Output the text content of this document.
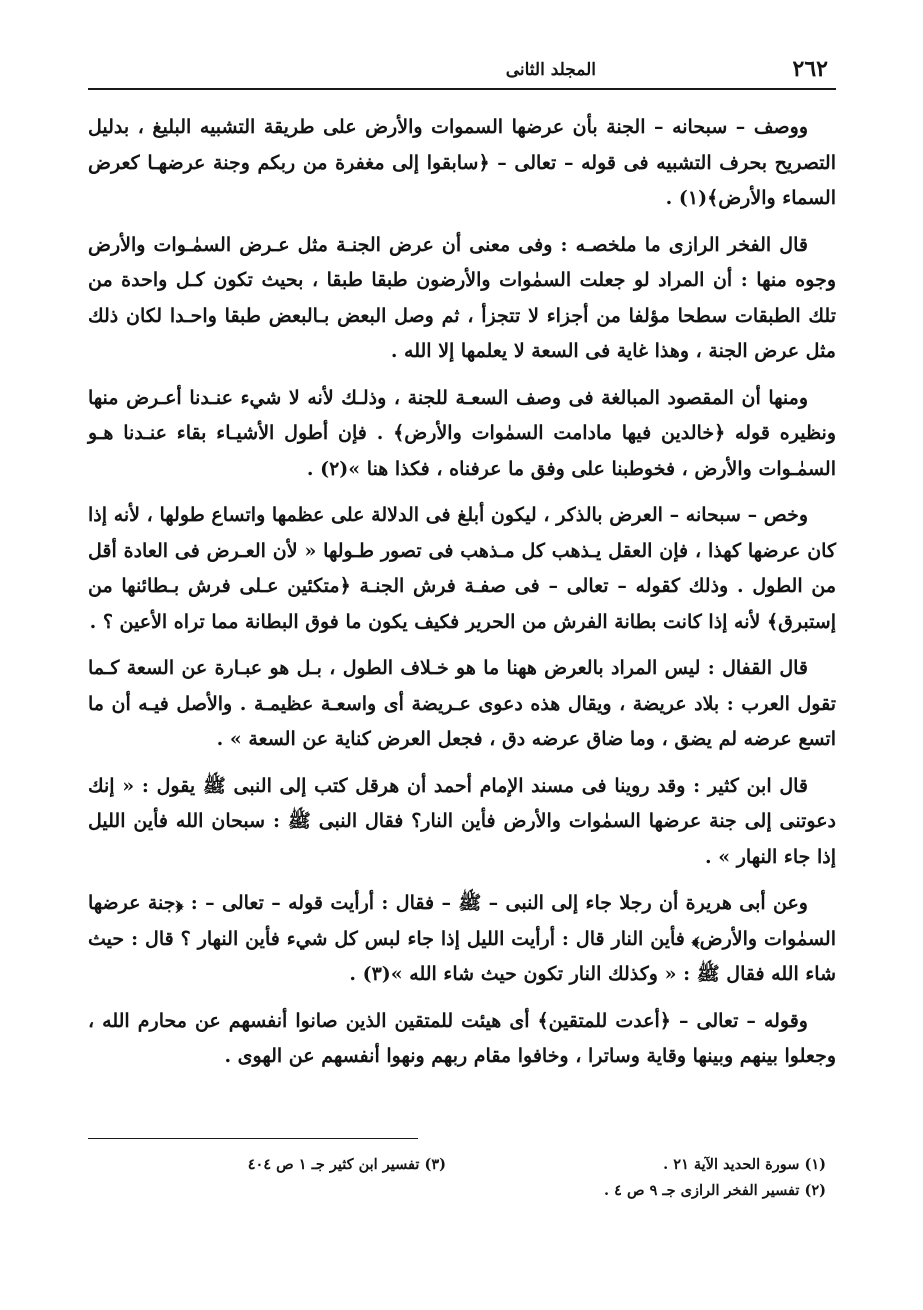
٢٦٢
المجلد الثانى

ووصف – سبحانه – الجنة بأن عرضها السموات والأرض على طريقة التشبيه البليغ ، بدليل التصريح بحرف التشبيه فى قوله – تعالى – ﴿سابقوا إلى مغفرة من ربكم وجنة عرضهـا كعرض السماء والأرض﴾(١) .

قال الفخر الرازى ما ملخصـه : وفى معنى أن عرض الجنـة مثل عـرض السمٰـوات والأرض وجوه منها : أن المراد لو جعلت السمٰوات والأرضون طبقا طبقا ، بحيث تكون كـل واحدة من تلك الطبقات سطحا مؤلفا من أجزاء لا تتجزأ ، ثم وصل البعض بـالبعض طبقا واحـدا لكان ذلك مثل عرض الجنة ، وهذا غاية فى السعة لا يعلمها إلا الله .

ومنها أن المقصود المبالغة فى وصف السعـة للجنة ، وذلـك لأنه لا شيء عنـدنا أعـرض منها ونظيره قوله ﴿خالدين فيها مادامت السمٰوات والأرض﴾ . فإن أطول الأشيـاء بقاء عنـدنا هـو السمٰـوات والأرض ، فخوطبنا على وفق ما عرفناه ، فكذا هنا »(٢) .

وخص – سبحانه – العرض بالذكر ، ليكون أبلغ فى الدلالة على عظمها واتساع طولها ، لأنه إذا كان عرضها كهذا ، فإن العقل يـذهب كل مـذهب فى تصور طـولها « لأن العـرض فى العادة أقل من الطول . وذلك كقوله – تعالى – فى صفـة فرش الجنـة ﴿متكئين عـلى فرش بـطائنها من إستبرق﴾ لأنه إذا كانت بطانة الفرش من الحرير فكيف يكون ما فوق البطانة مما تراه الأعين ؟ .

قال القفال : ليس المراد بالعرض ههنا ما هو خـلاف الطول ، بـل هو عبـارة عن السعة كـما تقول العرب : بلاد عريضة ، ويقال هذه دعوى عـريضة أى واسعـة عظيمـة . والأصل فيـه أن ما اتسع عرضه لم يضق ، وما ضاق عرضه دق ، فجعل العرض كناية عن السعة » .

قال ابن كثير : وقد روينا فى مسند الإمام أحمد أن هرقل كتب إلى النبى ﷺ يقول : « إنك دعوتنى إلى جنة عرضها السمٰوات والأرض فأين النار؟ فقال النبى ﷺ : سبحان الله فأين الليل إذا جاء النهار » .

وعن أبى هريرة أن رجلا جاء إلى النبى – ﷺ – فقال : أرأيت قوله – تعالى – : ﴿جنة عرضها السمٰوات والأرض﴾ فأين النار قال : أرأيت الليل إذا جاء لبس كل شيء فأين النهار ؟ قال : حيث شاء الله فقال ﷺ : « وكذلك النار تكون حيث شاء الله »(٣) .

وقوله – تعالى – ﴿أعدت للمتقين﴾ أى هيئت للمتقين الذين صانوا أنفسهم عن محارم الله ، وجعلوا بينهم وبينها وقاية وساترا ، وخافوا مقام ربهم ونهوا أنفسهم عن الهوى .

(١) سورة الحديد الآية ٢١ .
(٣) تفسير ابن كثير جـ ١ ص ٤٠٤
(٢) تفسير الفخر الرازى جـ ٩ ص ٤ .
